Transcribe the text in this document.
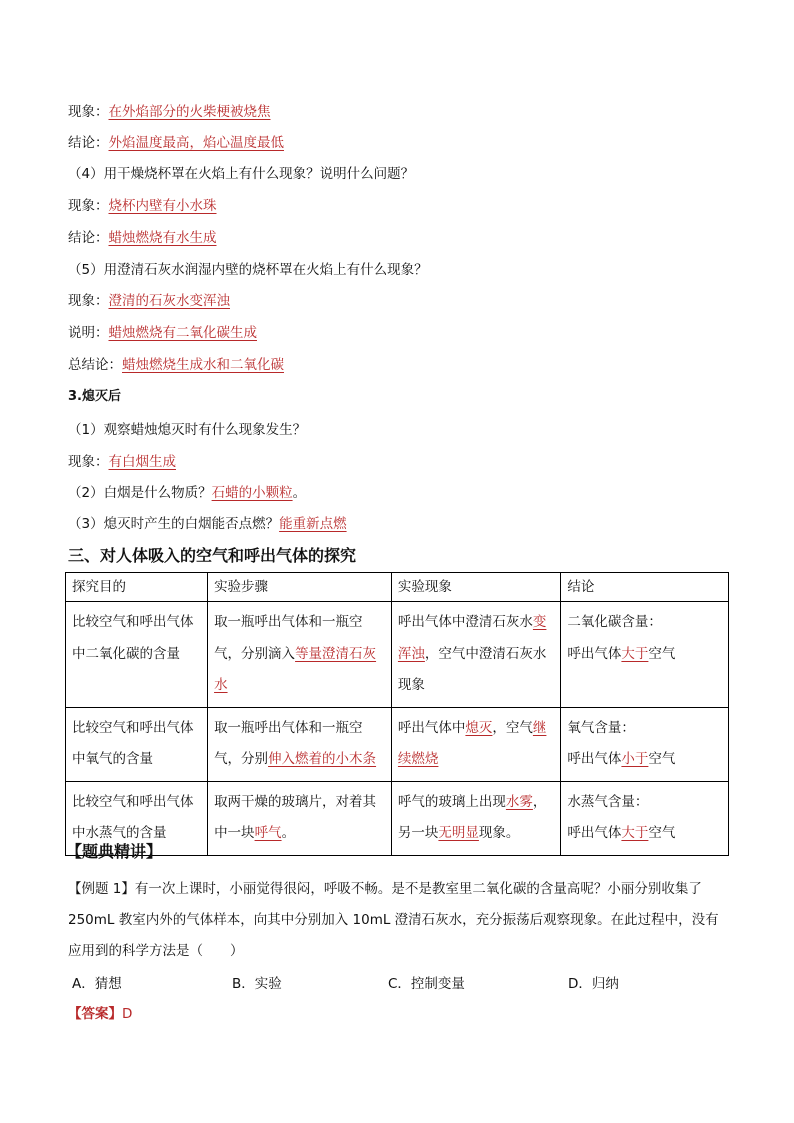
现象：在外焰部分的火柴梗被烧焦
结论：外焰温度最高，焰心温度最低
（4）用干燥烧杯罩在火焰上有什么现象？说明什么问题？
现象：烧杯内壁有小水珠
结论：蜡烛燃烧有水生成
（5）用澄清石灰水润湿内壁的烧杯罩在火焰上有什么现象？
现象：澄清的石灰水变浑浊
说明：蜡烛燃烧有二氧化碳生成
总结论：蜡烛燃烧生成水和二氧化碳
3.熄灭后
（1）观察蜡烛熄灭时有什么现象发生？
现象：有白烟生成
（2）白烟是什么物质？石蜡的小颗粒。
（3）熄灭时产生的白烟能否点燃？能重新点燃
三、对人体吸入的空气和呼出气体的探究
探究目的	实验步骤	实验现象	结论
比较空气和呼出气体中二氧化碳的含量	取一瓶呼出气体和一瓶空气，分别滴入等量澄清石灰水	呼出气体中澄清石灰水变浑浊，空气中澄清石灰水现象	二氧化碳含量：
呼出气体大于空气
比较空气和呼出气体中氧气的含量	取一瓶呼出气体和一瓶空气，分别伸入燃着的小木条	呼出气体中熄灭，空气继续燃烧	氧气含量：
呼出气体小于空气
比较空气和呼出气体中水蒸气的含量	取两干燥的玻璃片，对着其中一块呼气。	呼气的玻璃上出现水雾，另一块无明显现象。	水蒸气含量：
呼出气体大于空气
【题典精讲】
【例题 1】有一次上课时，小丽觉得很闷，呼吸不畅。是不是教室里二氧化碳的含量高呢？小丽分别收集了 250mL 教室内外的气体样本，向其中分别加入 10mL 澄清石灰水，充分振荡后观察现象。在此过程中，没有应用到的科学方法是（　　）
A．猜想	B．实验	C．控制变量	D．归纳
【答案】D
